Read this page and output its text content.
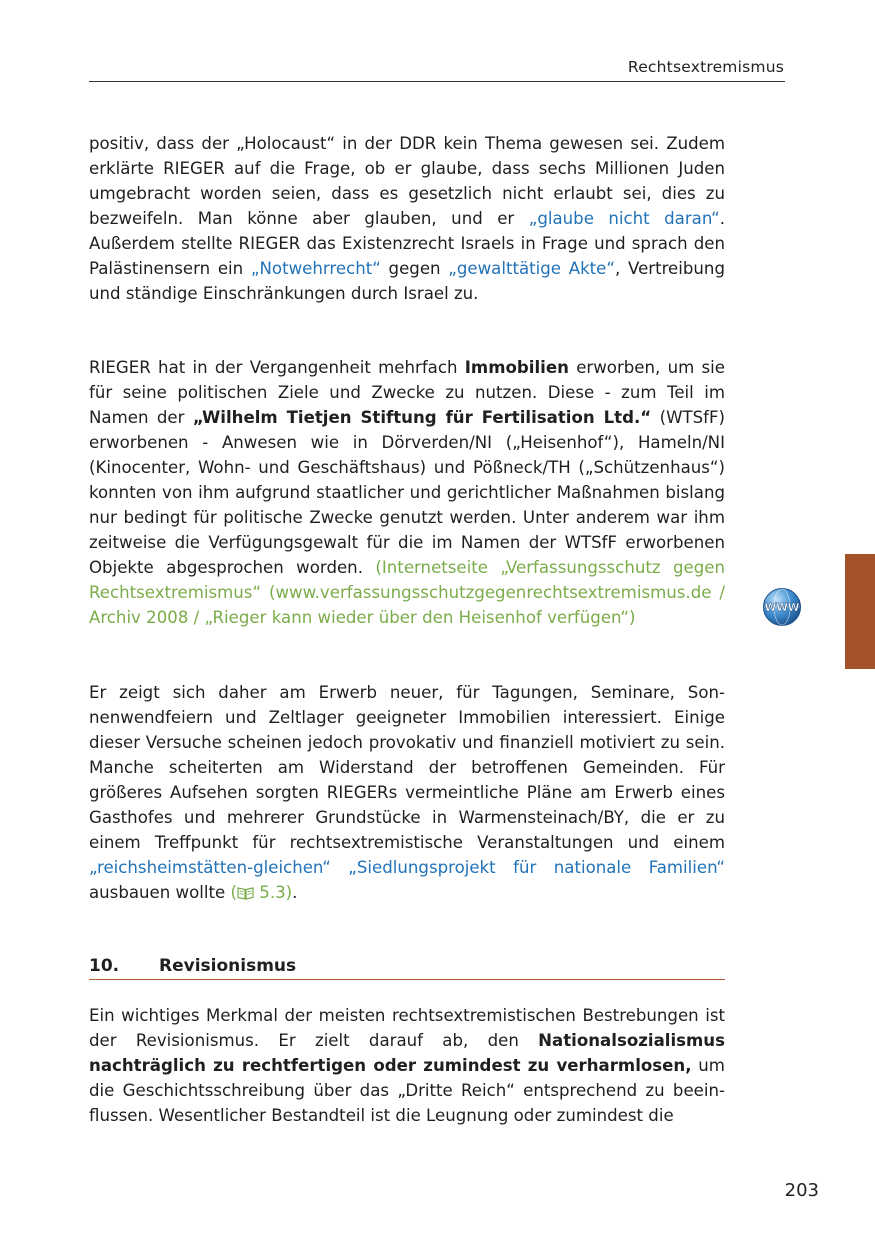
Rechtsextremismus

positiv, dass der „Holocaust“ in der DDR kein Thema gewesen sei. Zudem erklärte RIEGER auf die Frage, ob er glaube, dass sechs Millionen Juden umgebracht worden seien, dass es gesetzlich nicht erlaubt sei, dies zu bezweifeln. Man könne aber glauben, und er „glaube nicht daran“. Außerdem stellte RIEGER das Existenzrecht Israels in Frage und sprach den Palästinensern ein „Notwehrrecht“ gegen „gewalttätige Akte“, Vertreibung und ständige Einschränkungen durch Israel zu.

RIEGER hat in der Vergangenheit mehrfach Immobilien erworben, um sie für seine politischen Ziele und Zwecke zu nutzen. Diese - zum Teil im Namen der „Wilhelm Tietjen Stiftung für Fertilisation Ltd.“ (WTSfF) erworbenen - Anwesen wie in Dörverden/NI („Heisenhof“), Hameln/NI (Kinocenter, Wohn- und Geschäftshaus) und Pößneck/TH („Schützenhaus“) konnten von ihm aufgrund staatlicher und gerichtlicher Maßnahmen bislang nur bedingt für politische Zwecke genutzt werden. Unter anderem war ihm zeitweise die Verfügungsgewalt für die im Namen der WTSfF erworbenen Objekte abgesprochen worden. (Internetseite „Verfassungsschutz gegen Rechtsextremismus“ (www.verfassungsschutzgegenrechtsextremismus.de / Archiv 2008 / „Rieger kann wieder über den Heisenhof verfügen“)

Er zeigt sich daher am Erwerb neuer, für Tagungen, Seminare, Sonnenwendfeiern und Zeltlager geeigneter Immobilien interessiert. Einige dieser Versuche scheinen jedoch provokativ und finanziell motiviert zu sein. Manche scheiterten am Widerstand der betroffenen Gemeinden. Für größeres Aufsehen sorgten RIEGERs vermeintliche Pläne am Erwerb eines Gasthofes und mehrerer Grundstücke in Warmensteinach/BY, die er zu einem Treffpunkt für rechtsextremistische Veranstaltungen und einem „reichsheimstätten-gleichen“ „Siedlungsprojekt für nationale Familien“ ausbauen wollte ( 5.3).

10. Revisionismus

Ein wichtiges Merkmal der meisten rechtsextremistischen Bestrebungen ist der Revisionismus. Er zielt darauf ab, den Nationalsozialismus nachträglich zu rechtfertigen oder zumindest zu verharmlosen, um die Geschichtsschreibung über das „Dritte Reich“ entsprechend zu beeinflussen. Wesentlicher Bestandteil ist die Leugnung oder zumindest die

WWW
203
